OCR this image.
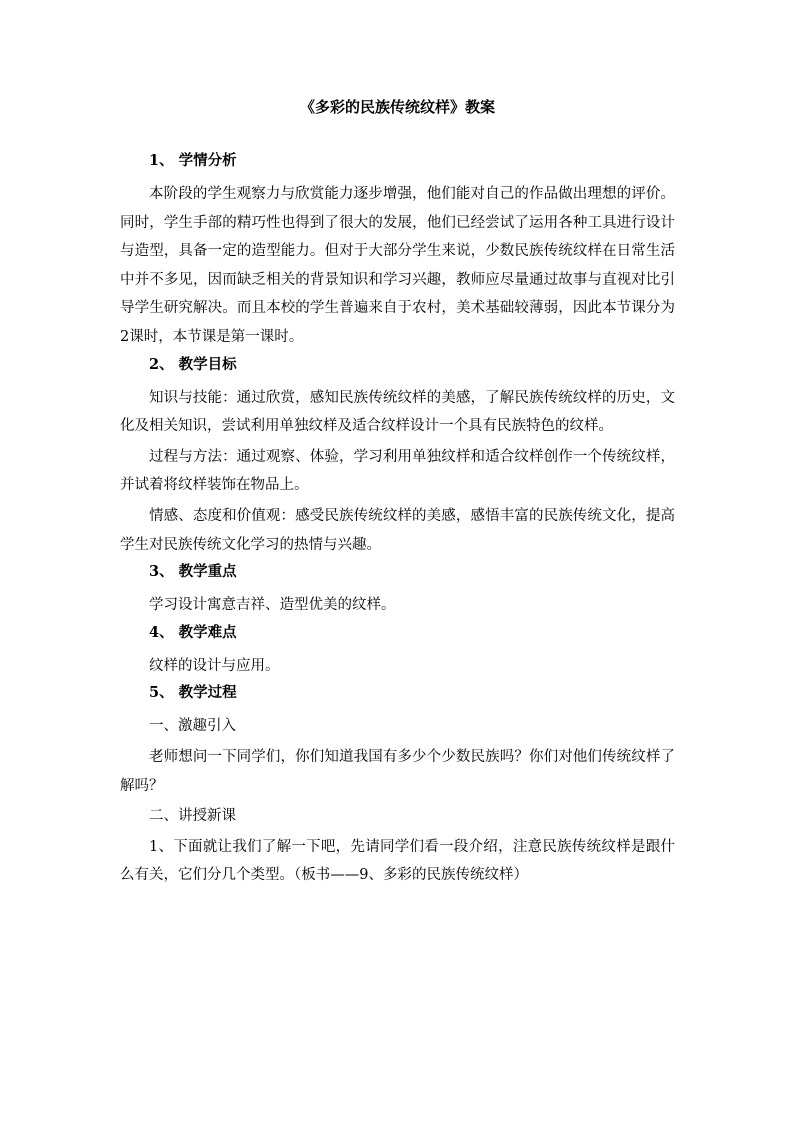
《多彩的民族传统纹样》教案
1、 学情分析
本阶段的学生观察力与欣赏能力逐步增强，他们能对自己的作品做出理想的评价。同时，学生手部的精巧性也得到了很大的发展，他们已经尝试了运用各种工具进行设计与造型，具备一定的造型能力。但对于大部分学生来说，少数民族传统纹样在日常生活中并不多见，因而缺乏相关的背景知识和学习兴趣，教师应尽量通过故事与直视对比引导学生研究解决。而且本校的学生普遍来自于农村，美术基础较薄弱，因此本节课分为2课时，本节课是第一课时。
2、 教学目标
知识与技能：通过欣赏，感知民族传统纹样的美感，了解民族传统纹样的历史，文化及相关知识，尝试利用单独纹样及适合纹样设计一个具有民族特色的纹样。
过程与方法：通过观察、体验，学习利用单独纹样和适合纹样创作一个传统纹样，并试着将纹样装饰在物品上。
情感、态度和价值观：感受民族传统纹样的美感，感悟丰富的民族传统文化，提高学生对民族传统文化学习的热情与兴趣。
3、 教学重点
学习设计寓意吉祥、造型优美的纹样。
4、 教学难点
纹样的设计与应用。
5、 教学过程
一、激趣引入
老师想问一下同学们，你们知道我国有多少个少数民族吗？你们对他们传统纹样了解吗？
二、讲授新课
1、下面就让我们了解一下吧，先请同学们看一段介绍，注意民族传统纹样是跟什么有关，它们分几个类型。（板书——9、多彩的民族传统纹样）
